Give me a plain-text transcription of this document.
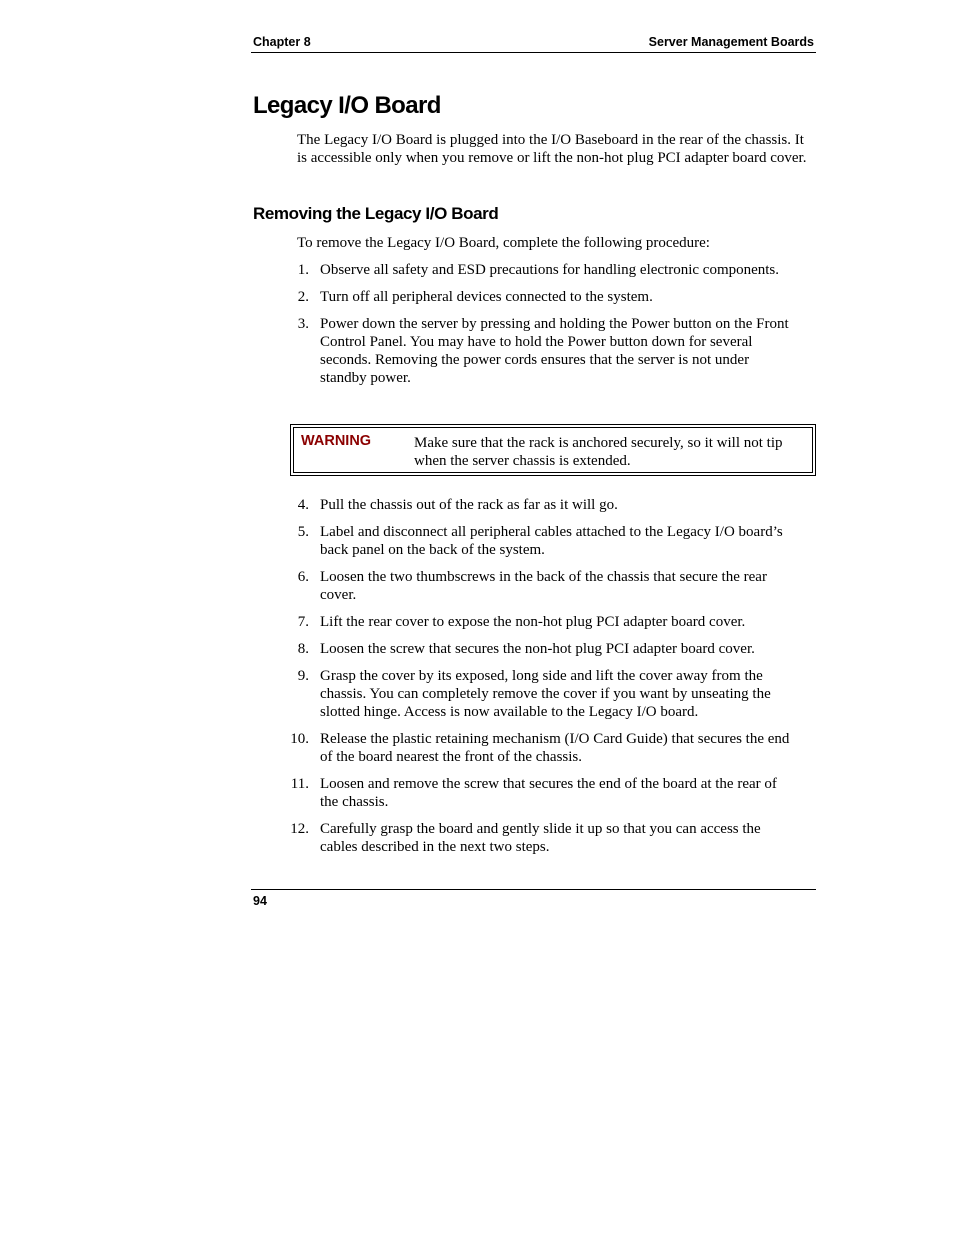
Chapter 8	Server Management Boards
Legacy I/O Board

The Legacy I/O Board is plugged into the I/O Baseboard in the rear of the chassis. It is accessible only when you remove or lift the non-hot plug PCI adapter board cover.

Removing the Legacy I/O Board

To remove the Legacy I/O Board, complete the following procedure:

1. Observe all safety and ESD precautions for handling electronic components.
2. Turn off all peripheral devices connected to the system.
3. Power down the server by pressing and holding the Power button on the Front Control Panel. You may have to hold the Power button down for several seconds. Removing the power cords ensures that the server is not under standby power.
WARNING	Make sure that the rack is anchored securely, so it will not tip when the server chassis is extended.
4. Pull the chassis out of the rack as far as it will go.
5. Label and disconnect all peripheral cables attached to the Legacy I/O board’s back panel on the back of the system.
6. Loosen the two thumbscrews in the back of the chassis that secure the rear cover.
7. Lift the rear cover to expose the non-hot plug PCI adapter board cover.
8. Loosen the screw that secures the non-hot plug PCI adapter board cover.
9. Grasp the cover by its exposed, long side and lift the cover away from the chassis. You can completely remove the cover if you want by unseating the slotted hinge. Access is now available to the Legacy I/O board.
10. Release the plastic retaining mechanism (I/O Card Guide) that secures the end of the board nearest the front of the chassis.
11. Loosen and remove the screw that secures the end of the board at the rear of the chassis.
12. Carefully grasp the board and gently slide it up so that you can access the cables described in the next two steps.
94
